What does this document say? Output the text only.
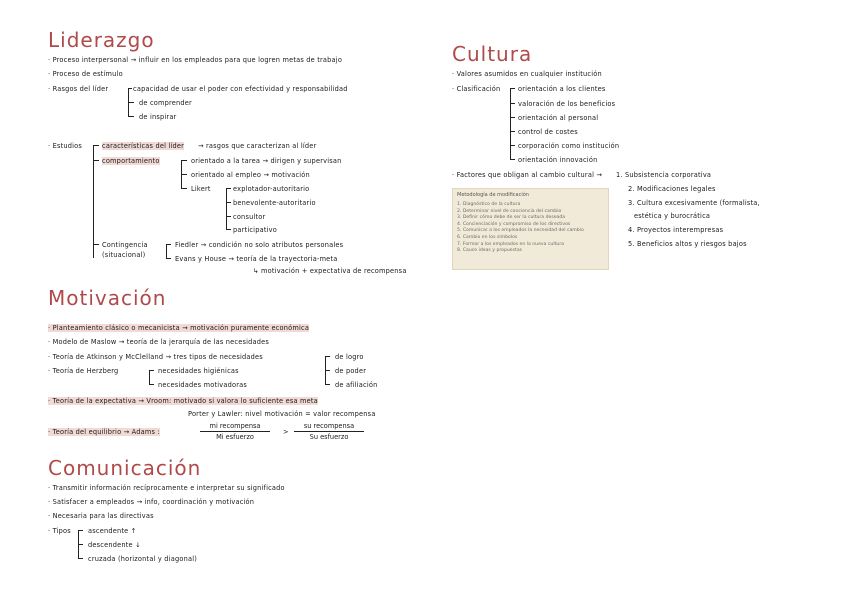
Liderazgo
· Proceso interpersonal → influir en los empleados para que logren metas de trabajo
· Proceso de estímulo
· Rasgos del líder	capacidad de usar el poder con efectividad y responsabilidad
de comprender
de inspirar
· Estudios	características del líder → rasgos que caracterizan al líder
comportamiento	orientado a la tarea → dirigen y supervisan
orientado al empleo → motivación
Likert	explotador-autoritario
benevolente-autoritario
consultor
participativo
Contingencia
(situacional)
Fiedler → condición no solo atributos personales
Evans y House → teoría de la trayectoria-meta
↳ motivación + expectativa de recompensa
Cultura
· Valores asumidos en cualquier institución
· Clasificación	orientación a los clientes
valoración de los beneficios
orientación al personal
control de costes
corporación como institución
orientación innovación
· Factores que obligan al cambio cultural → 1. Subsistencia corporativa
2. Modificaciones legales
3. Cultura excesivamente (formalista,
estética y burocrática
4. Proyectos interempresas
5. Beneficios altos y riesgos bajos
Metodología de modificación
1. Diagnóstico de la cultura
2. Determinar nivel de conciencia del cambio
3. Definir cómo debe de ser la cultura deseada
4. Concienciación y compromiso de los directivos
5. Comunicar a los empleados la necesidad del cambio
6. Cambio en los símbolos
7. Formar a los empleados en la nueva cultura
8. Cauce ideas y propuestas
Motivación
· Planteamiento clásico o mecanicista → motivación puramente económica
· Modelo de Maslow → teoría de la jerarquía de las necesidades
· Teoría de Atkinson y McClelland → tres tipos de necesidades	de logro
de poder
de afiliación
· Teoría de Herzberg	necesidades higiénicas
necesidades motivadoras
· Teoría de la expectativa → Vroom: motivado si valora lo suficiente esa meta
Porter y Lawler: nivel motivación = valor recompensa
· Teoría del equilibrio → Adams :
mi recompensa
Mi esfuerzo
>
su recompensa
Su esfuerzo
Comunicación
· Transmitir información recíprocamente e interpretar su significado
· Satisfacer a empleados → info, coordinación y motivación
· Necesaria para las directivas
· Tipos	ascendente ↑
descendente ↓
cruzada (horizontal y diagonal)
